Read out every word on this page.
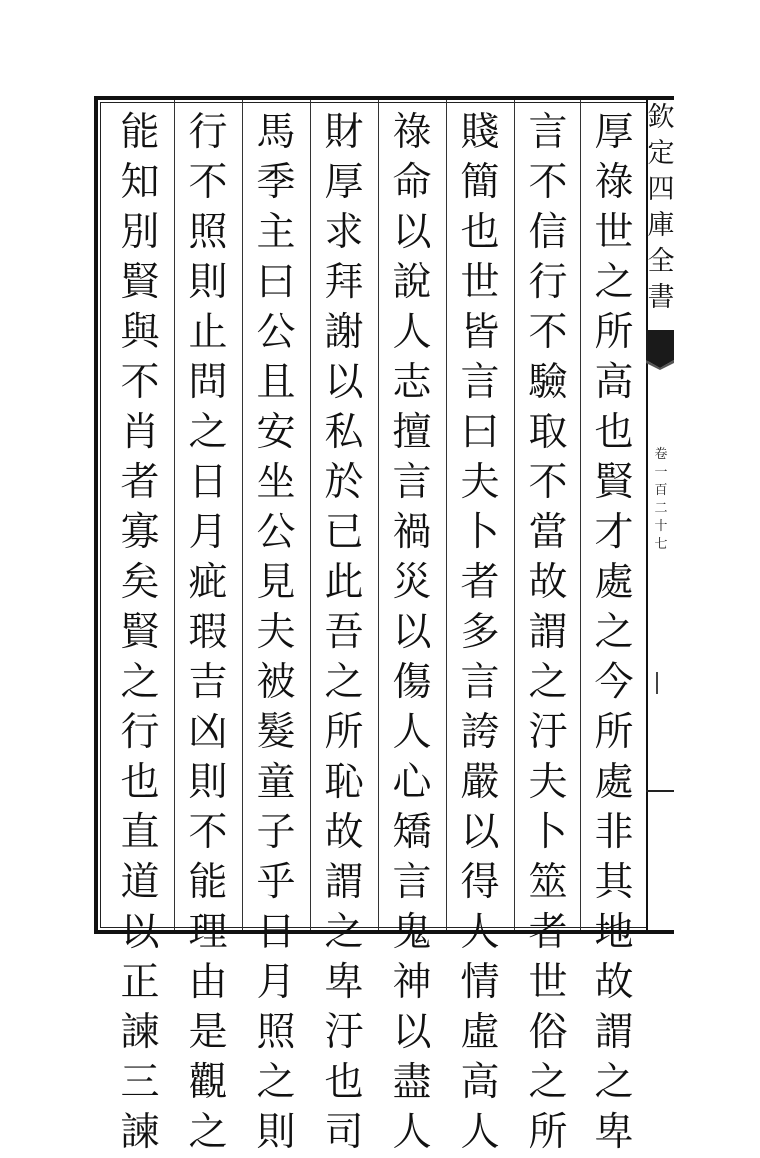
厚
祿
世
之
所
高
也
賢
才
處
之
今
所
處
非
其
地
故
謂
之
卑
言
不
信
行
不
驗
取
不
當
故
謂
之
汙
夫
卜
筮
者
世
俗
之
所
賤
簡
也
世
皆
言
曰
夫
卜
者
多
言
誇
嚴
以
得
人
情
虛
高
人
祿
命
以
說
人
志
擅
言
禍
災
以
傷
人
心
矯
言
鬼
神
以
盡
人
財
厚
求
拜
謝
以
私
於
已
此
吾
之
所
恥
故
謂
之
卑
汙
也
司
馬
季
主
曰
公
且
安
坐
公
見
夫
被
髮
童
子
乎
日
月
照
之
則
行
不
照
則
止
問
之
日
月
疵
瑕
吉
凶
則
不
能
理
由
是
觀
之
能
知
別
賢
與
不
肖
者
寡
矣
賢
之
行
也
直
道
以
正
諫
三
諫
欽
定
四
庫
全
書
卷
一
百
二
十
七
